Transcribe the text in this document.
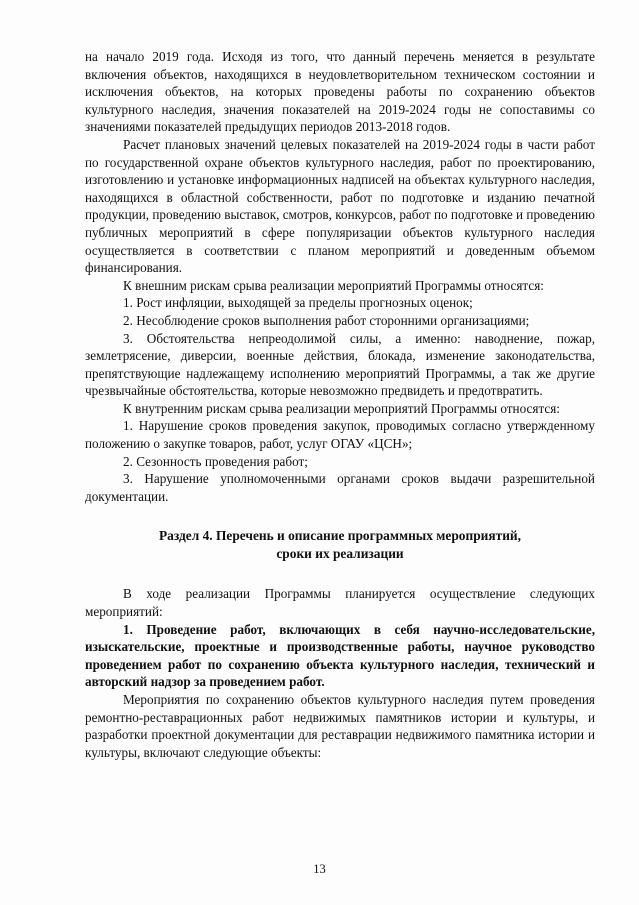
на начало 2019 года. Исходя из того, что данный перечень меняется в результате включения объектов, находящихся в неудовлетворительном техническом состоянии и исключения объектов, на которых проведены работы по сохранению объектов культурного наследия, значения показателей на 2019-2024 годы не сопоставимы со значениями показателей предыдущих периодов 2013-2018 годов.

Расчет плановых значений целевых показателей на 2019-2024 годы в части работ по государственной охране объектов культурного наследия, работ по проектированию, изготовлению и установке информационных надписей на объектах культурного наследия, находящихся в областной собственности, работ по подготовке и изданию печатной продукции, проведению выставок, смотров, конкурсов, работ по подготовке и проведению публичных мероприятий в сфере популяризации объектов культурного наследия осуществляется в соответствии с планом мероприятий и доведенным объемом финансирования.

К внешним рискам срыва реализации мероприятий Программы относятся:

1. Рост инфляции, выходящей за пределы прогнозных оценок;

2. Несоблюдение сроков выполнения работ сторонними организациями;

3. Обстоятельства непреодолимой силы, а именно: наводнение, пожар, землетрясение, диверсии, военные действия, блокада, изменение законодательства, препятствующие надлежащему исполнению мероприятий Программы, а так же другие чрезвычайные обстоятельства, которые невозможно предвидеть и предотвратить.

К внутренним рискам срыва реализации мероприятий Программы относятся:

1. Нарушение сроков проведения закупок, проводимых согласно утвержденному положению о закупке товаров, работ, услуг ОГАУ «ЦСН»;

2. Сезонность проведения работ;

3. Нарушение уполномоченными органами сроков выдачи разрешительной документации.

Раздел 4. Перечень и описание программных мероприятий,
сроки их реализации

В ходе реализации Программы планируется осуществление следующих мероприятий:

1. Проведение работ, включающих в себя научно-исследовательские, изыскательские, проектные и производственные работы, научное руководство проведением работ по сохранению объекта культурного наследия, технический и авторский надзор за проведением работ.

Мероприятия по сохранению объектов культурного наследия путем проведения ремонтно-реставрационных работ недвижимых памятников истории и культуры, и разработки проектной документации для реставрации недвижимого памятника истории и культуры, включают следующие объекты:

13
